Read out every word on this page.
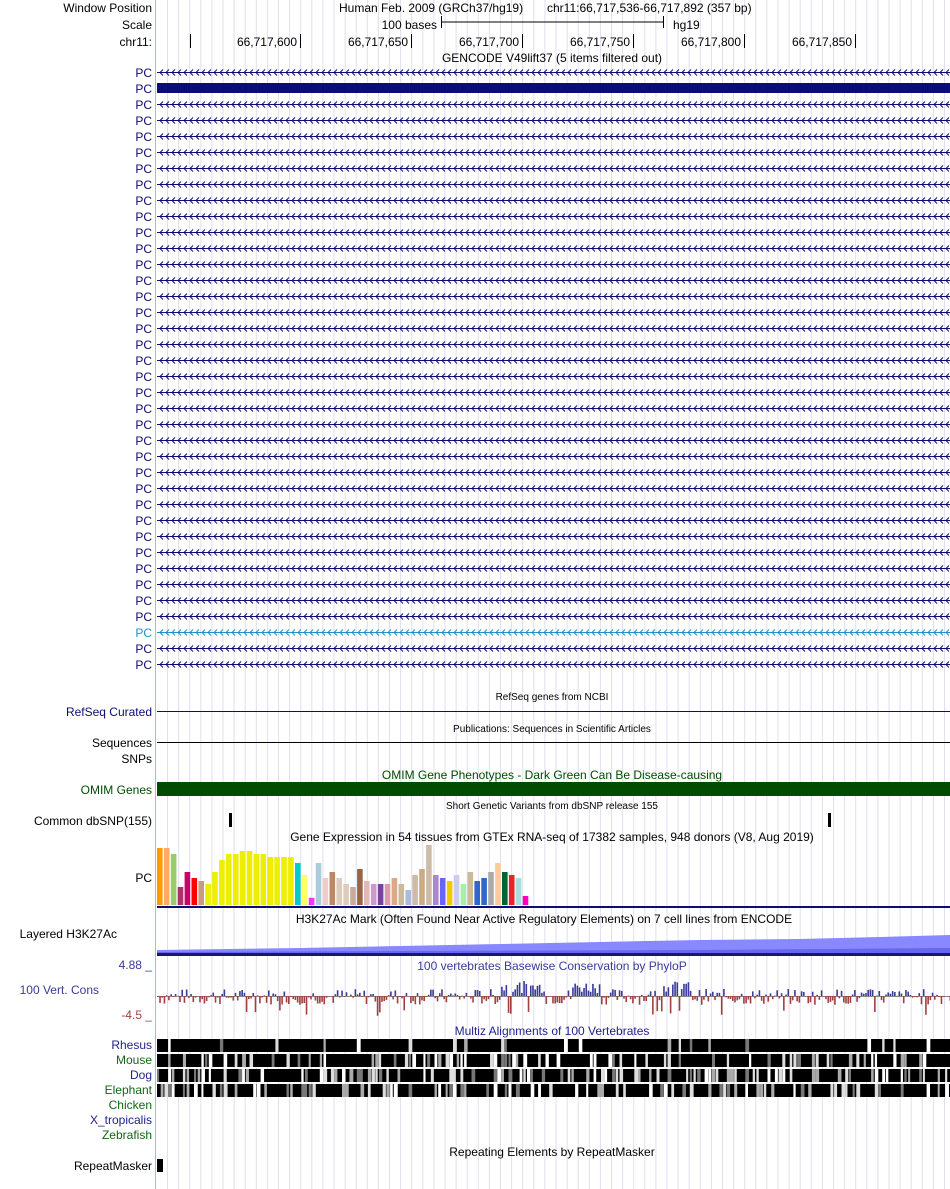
Window Position	Human Feb. 2009 (GRCh37/hg19) chr11:66,717,536-66,717,892 (357 bp)
Scale	100 bases	hg19
chr11:	66,717,600	66,717,650	66,717,700	66,717,750	66,717,800	66,717,850
GENCODE V49lift37 (5 items filtered out)
PC
PC
PC
PC
PC
PC
PC
PC
PC
PC
PC
PC
PC
PC
PC
PC
PC
PC
PC
PC
PC
PC
PC
PC
PC
PC
PC
PC
PC
PC
PC
PC
PC
PC
PC
PC
PC
PC
RefSeq genes from NCBI
RefSeq Curated
Publications: Sequences in Scientific Articles
Sequences
SNPs
OMIM Gene Phenotypes - Dark Green Can Be Disease-causing
OMIM Genes
Short Genetic Variants from dbSNP release 155
Common dbSNP(155)
Gene Expression in 54 tissues from GTEx RNA-seq of 17382 samples, 948 donors (V8, Aug 2019)
PC
H3K27Ac Mark (Often Found Near Active Regulatory Elements) on 7 cell lines from ENCODE
Layered H3K27Ac
100 vertebrates Basewise Conservation by PhyloP
4.88 _
100 Vert. Cons
-4.5 _
Multiz Alignments of 100 Vertebrates
Rhesus
Mouse
Dog
Elephant
Chicken
X_tropicalis
Zebrafish
Repeating Elements by RepeatMasker
RepeatMasker
